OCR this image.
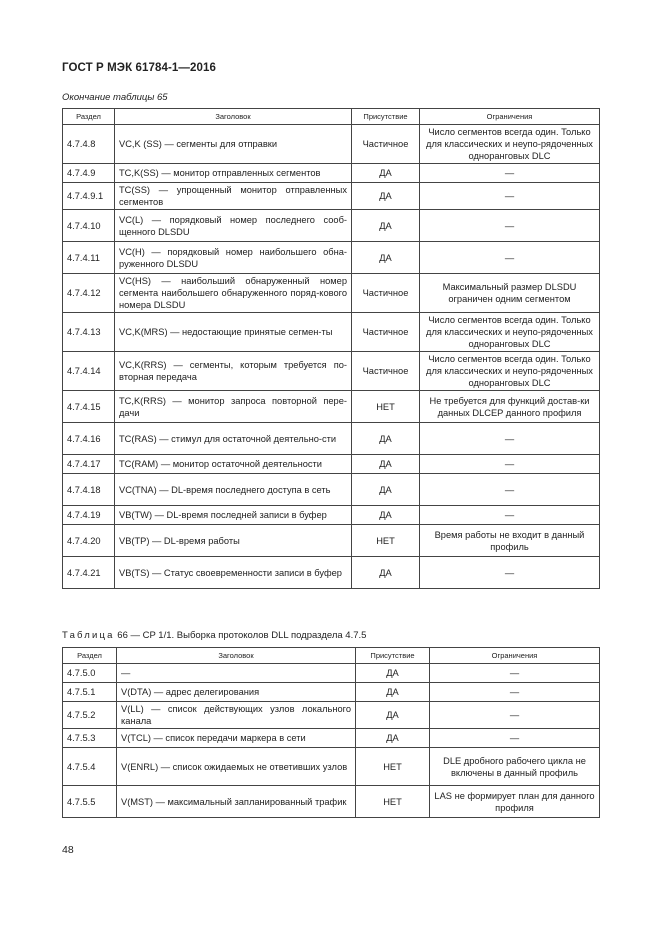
ГОСТ Р МЭК 61784-1—2016
Окончание таблицы 65
Раздел	Заголовок	Присутствие	Ограничения
4.7.4.8	VC,K (SS) — сегменты для отправки	Частичное	Число сегментов всегда один. Только для классических и неупо-рядоченных одноранговых DLC
4.7.4.9	TC,K(SS) — монитор отправленных сегментов	ДА	—
4.7.4.9.1	TC(SS) — упрощенный монитор отправленных сегментов	ДА	—
4.7.4.10	VC(L) — порядковый номер последнего сооб-щенного DLSDU	ДА	—
4.7.4.11	VC(H) — порядковый номер наибольшего обна-руженного DLSDU	ДА	—
4.7.4.12	VC(HS) — наибольший обнаруженный номер сегмента наибольшего обнаруженного поряд-кового номера DLSDU	Частичное	Максимальный размер DLSDU ограничен одним сегментом
4.7.4.13	VC,K(MRS) — недостающие принятые сегмен-ты	Частичное	Число сегментов всегда один. Только для классических и неупо-рядоченных одноранговых DLC
4.7.4.14	VC,K(RRS) — сегменты, которым требуется по-вторная передача	Частичное	Число сегментов всегда один. Только для классических и неупо-рядоченных одноранговых DLC
4.7.4.15	TC,K(RRS) — монитор запроса повторной пере-дачи	НЕТ	Не требуется для функций достав-ки данных DLCEP данного профиля
4.7.4.16	TC(RAS) — стимул для остаточной деятельно-сти	ДА	—
4.7.4.17	TC(RAM) — монитор остаточной деятельности	ДА	—
4.7.4.18	VC(TNA) — DL-время последнего доступа в сеть	ДА	—
4.7.4.19	VB(TW) — DL-время последней записи в буфер	ДА	—
4.7.4.20	VB(TP) — DL-время работы	НЕТ	Время работы не входит в данный профиль
4.7.4.21	VB(TS) — Статус своевременности записи в буфер	ДА	—
Таблица 66 — CP 1/1. Выборка протоколов DLL подраздела 4.7.5
Раздел	Заголовок	Присутствие	Ограничения
4.7.5.0	—	ДА	—
4.7.5.1	V(DTA) — адрес делегирования	ДА	—
4.7.5.2	V(LL) — список действующих узлов локального канала	ДА	—
4.7.5.3	V(TCL) — список передачи маркера в сети	ДА	—
4.7.5.4	V(ENRL) — список ожидаемых не ответивших узлов	НЕТ	DLE дробного рабочего цикла не включены в данный профиль
4.7.5.5	V(MST) — максимальный запланированный трафик	НЕТ	LAS не формирует план для данного профиля
48
